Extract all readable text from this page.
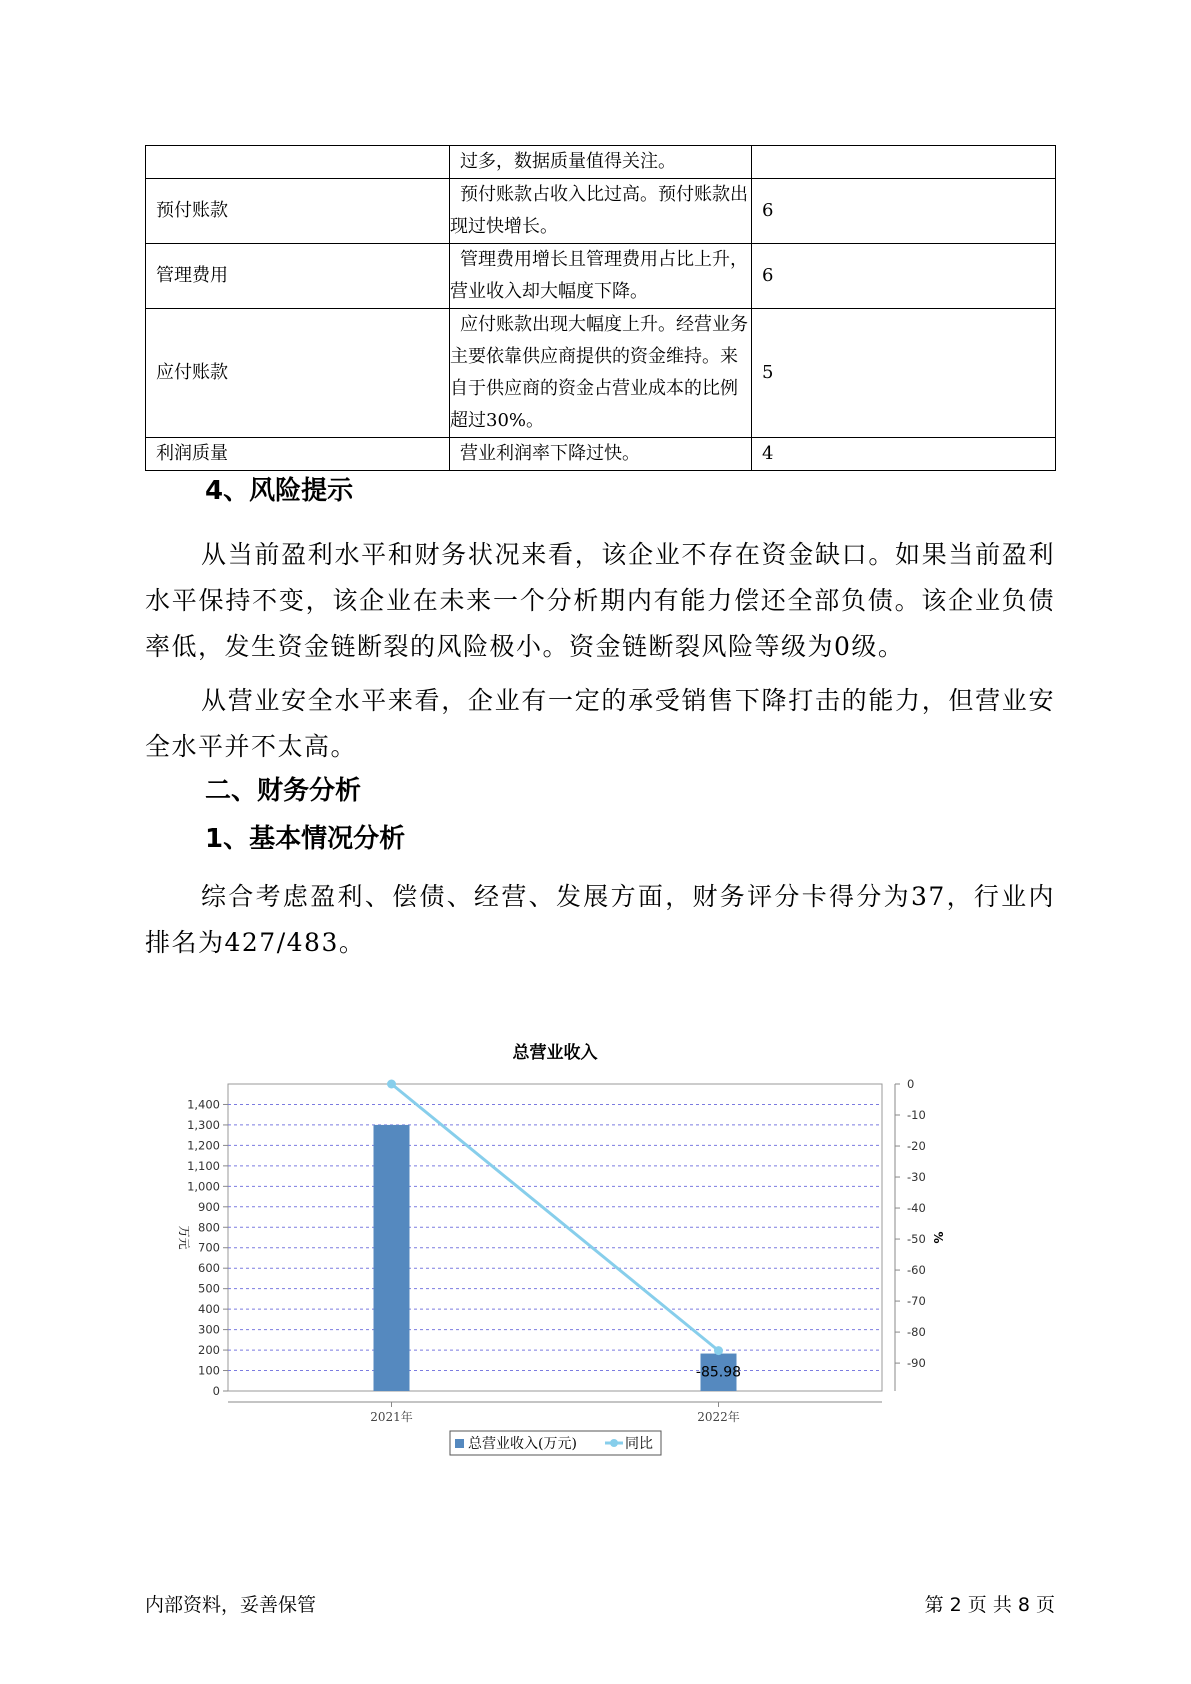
	过多，数据质量值得关注。	
预付账款	预付账款占收入比过高。预付账款出现过快增长。	6
管理费用	管理费用增长且管理费用占比上升，营业收入却大幅度下降。	6
应付账款	应付账款出现大幅度上升。经营业务主要依靠供应商提供的资金维持。来自于供应商的资金占营业成本的比例超过30%。	5
利润质量	营业利润率下降过快。	4
4、风险提示

从当前盈利水平和财务状况来看，该企业不存在资金缺口。如果当前盈利水平保持不变，该企业在未来一个分析期内有能力偿还全部负债。该企业负债率低，发生资金链断裂的风险极小。资金链断裂风险等级为0级。

从营业安全水平来看，企业有一定的承受销售下降打击的能力，但营业安全水平并不太高。

二、财务分析
1、基本情况分析

综合考虑盈利、偿债、经营、发展方面，财务评分卡得分为37，行业内排名为427/483。

总营业收入
0
100
200
300
400
500
600
700
800
900
1,000
1,100
1,200
1,300
1,400
0
-10
-20
-30
-40
-50
-60
-70
-80
-90
万元	%
2021年	2022年
-85.98
总营业收入(万元)	同比
内部资料，妥善保管	第 2 页 共 8 页
